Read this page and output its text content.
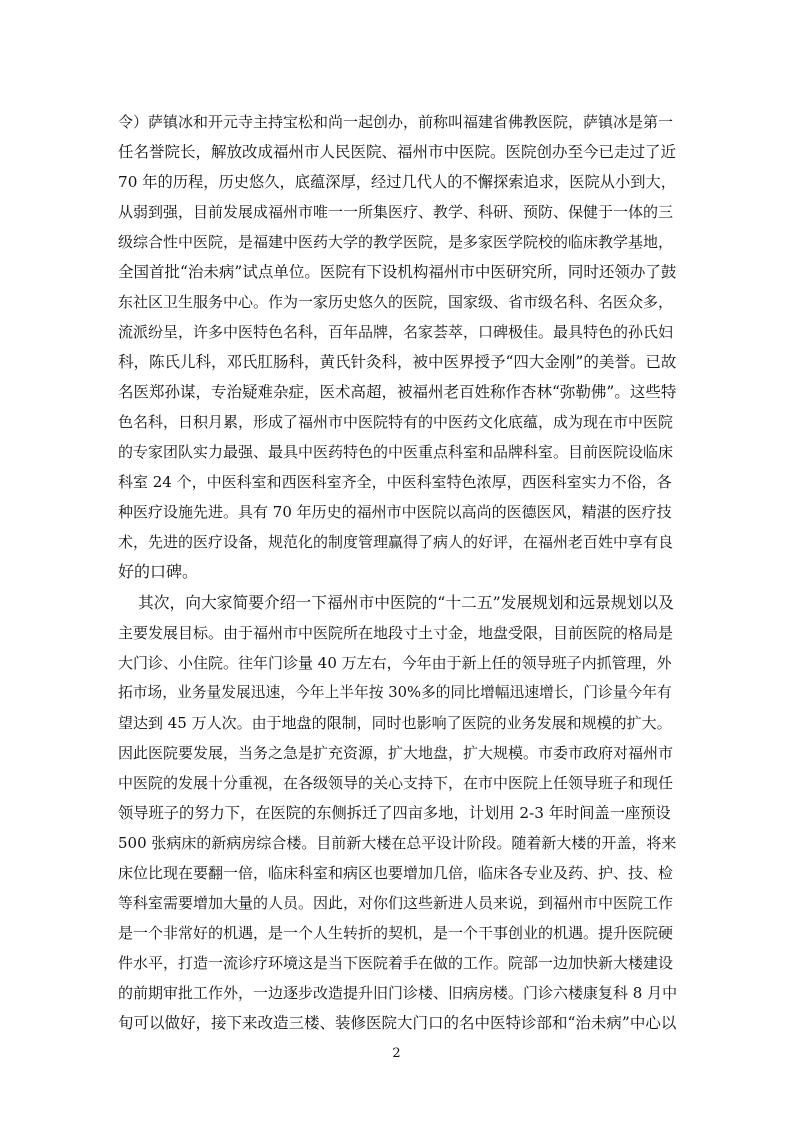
令）萨镇冰和开元寺主持宝松和尚一起创办，前称叫福建省佛教医院，萨镇冰是第一
任名誉院长，解放改成福州市人民医院、福州市中医院。医院创办至今已走过了近
70 年的历程，历史悠久，底蕴深厚，经过几代人的不懈探索追求，医院从小到大，
从弱到强，目前发展成福州市唯一一所集医疗、教学、科研、预防、保健于一体的三
级综合性中医院，是福建中医药大学的教学医院，是多家医学院校的临床教学基地，
全国首批“治未病”试点单位。医院有下设机构福州市中医研究所，同时还领办了鼓
东社区卫生服务中心。作为一家历史悠久的医院，国家级、省市级名科、名医众多，
流派纷呈，许多中医特色名科，百年品牌，名家荟萃，口碑极佳。最具特色的孙氏妇
科，陈氏儿科，邓氏肛肠科，黄氏针灸科，被中医界授予“四大金刚”的美誉。已故
名医郑孙谋，专治疑难杂症，医术高超，被福州老百姓称作杏林“弥勒佛”。这些特
色名科，日积月累，形成了福州市中医院特有的中医药文化底蕴，成为现在市中医院
的专家团队实力最强、最具中医药特色的中医重点科室和品牌科室。目前医院设临床
科室 24 个，中医科室和西医科室齐全，中医科室特色浓厚，西医科室实力不俗，各
种医疗设施先进。具有 70 年历史的福州市中医院以高尚的医德医风，精湛的医疗技
术，先进的医疗设备，规范化的制度管理赢得了病人的好评，在福州老百姓中享有良
好的口碑。
其次，向大家简要介绍一下福州市中医院的“十二五”发展规划和远景规划以及
主要发展目标。由于福州市中医院所在地段寸土寸金，地盘受限，目前医院的格局是
大门诊、小住院。往年门诊量 40 万左右，今年由于新上任的领导班子内抓管理，外
拓市场，业务量发展迅速，今年上半年按 30%多的同比增幅迅速增长，门诊量今年有
望达到 45 万人次。由于地盘的限制，同时也影响了医院的业务发展和规模的扩大。
因此医院要发展，当务之急是扩充资源，扩大地盘，扩大规模。市委市政府对福州市
中医院的发展十分重视，在各级领导的关心支持下，在市中医院上任领导班子和现任
领导班子的努力下，在医院的东侧拆迁了四亩多地，计划用 2-3 年时间盖一座预设
500 张病床的新病房综合楼。目前新大楼在总平设计阶段。随着新大楼的开盖，将来
床位比现在要翻一倍，临床科室和病区也要增加几倍，临床各专业及药、护、技、检
等科室需要增加大量的人员。因此，对你们这些新进人员来说，到福州市中医院工作
是一个非常好的机遇，是一个人生转折的契机，是一个干事创业的机遇。提升医院硬
件水平，打造一流诊疗环境这是当下医院着手在做的工作。院部一边加快新大楼建设
的前期审批工作外，一边逐步改造提升旧门诊楼、旧病房楼。门诊六楼康复科 8 月中
旬可以做好，接下来改造三楼、装修医院大门口的名中医特诊部和“治未病”中心以
2
